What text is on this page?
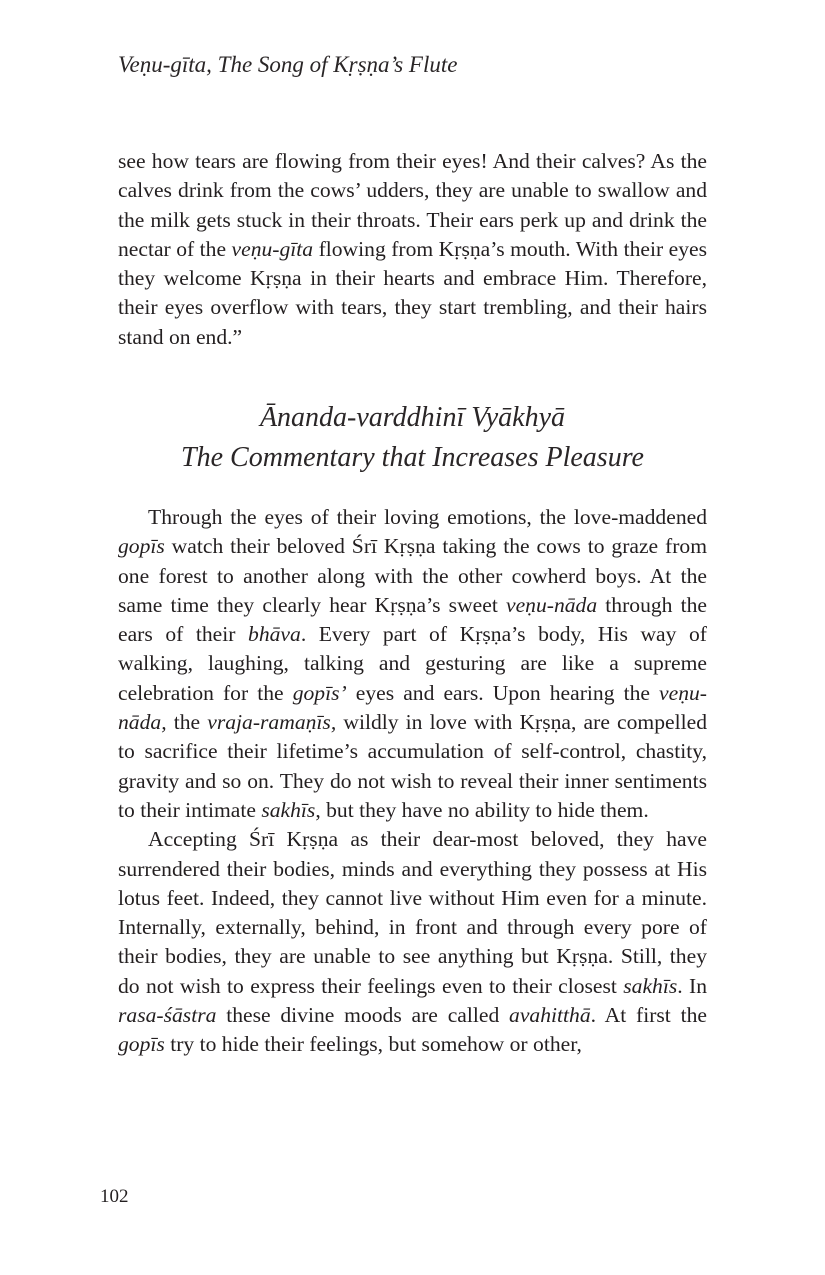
Veṇu-gīta, The Song of Kṛṣṇa’s Flute

see how tears are flowing from their eyes! And their calves? As the calves drink from the cows’ udders, they are unable to swallow and the milk gets stuck in their throats. Their ears perk up and drink the nectar of the veṇu-gīta flowing from Kṛṣṇa’s mouth. With their eyes they welcome Kṛṣṇa in their hearts and embrace Him. Therefore, their eyes overflow with tears, they start trembling, and their hairs stand on end.”

Ānanda-varddhinī Vyākhyā
The Commentary that Increases Pleasure

Through the eyes of their loving emotions, the love-maddened gopīs watch their beloved Śrī Kṛṣṇa taking the cows to graze from one forest to another along with the other cowherd boys. At the same time they clearly hear Kṛṣṇa’s sweet veṇu-nāda through the ears of their bhāva. Every part of Kṛṣṇa’s body, His way of walking, laughing, talking and gesturing are like a supreme celebration for the gopīs’ eyes and ears. Upon hearing the veṇu-nāda, the vraja-ramaṇīs, wildly in love with Kṛṣṇa, are compelled to sacrifice their lifetime’s accumulation of self-control, chastity, gravity and so on. They do not wish to reveal their inner sentiments to their intimate sakhīs, but they have no ability to hide them.

Accepting Śrī Kṛṣṇa as their dear-most beloved, they have surrendered their bodies, minds and everything they possess at His lotus feet. Indeed, they cannot live without Him even for a minute. Internally, externally, behind, in front and through every pore of their bodies, they are unable to see anything but Kṛṣṇa. Still, they do not wish to express their feelings even to their closest sakhīs. In rasa-śāstra these divine moods are called avahitthā. At first the gopīs try to hide their feelings, but somehow or other,

102
